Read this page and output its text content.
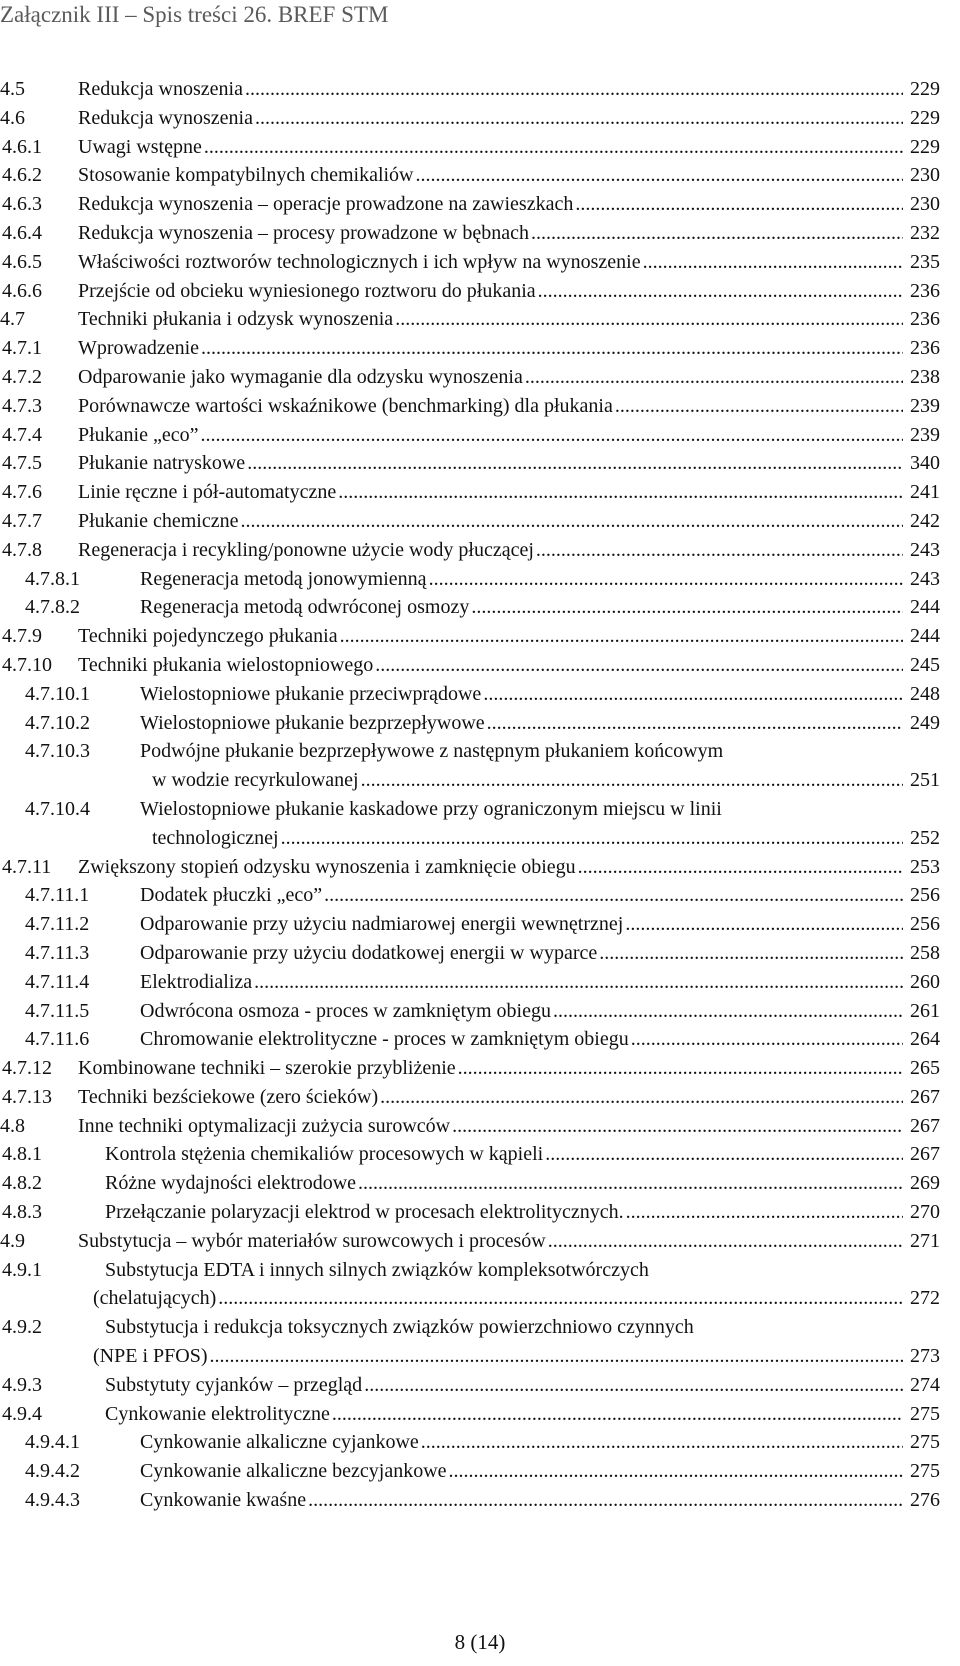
Załącznik III – Spis treści 26. BREF STM
4.5	Redukcja wnoszenia .....	229
4.6	Redukcja wynoszenia .....	229
4.6.1 Uwagi wstępne .....	229
4.6.2 Stosowanie kompatybilnych chemikaliów .....	230
4.6.3 Redukcja wynoszenia – operacje prowadzone na zawieszkach .....	230
4.6.4 Redukcja wynoszenia – procesy prowadzone w bębnach .....	232
4.6.5 Właściwości roztworów technologicznych i ich wpływ na wynoszenie .....	235
4.6.6 Przejście od obcieku wyniesionego roztworu do płukania .....	236
4.7	Techniki płukania i odzysk wynoszenia .....	236
4.7.1 Wprowadzenie .....	236
4.7.2 Odparowanie jako wymaganie dla odzysku wynoszenia .....	238
4.7.3 Porównawcze wartości wskaźnikowe (benchmarking) dla płukania .....	239
4.7.4 Płukanie „eco” .....	239
4.7.5 Płukanie natryskowe .....	340
4.7.6 Linie ręczne i pół-automatyczne .....	241
4.7.7 Płukanie chemiczne .....	242
4.7.8 Regeneracja i recykling/ponowne użycie wody płuczącej .....	243
4.7.8.1	Regeneracja metodą jonowymienną .....	243
4.7.8.2	Regeneracja metodą odwróconej osmozy .....	244
4.7.9 Techniki pojedynczego płukania .....	244
4.7.10 Techniki płukania wielostopniowego .....	245
4.7.10.1	Wielostopniowe płukanie przeciwprądowe .....	248
4.7.10.2	Wielostopniowe płukanie bezprzepływowe .....	249
4.7.10.3	Podwójne płukanie bezprzepływowe z następnym płukaniem końcowym
w wodzie recyrkulowanej .....	251
4.7.10.4	Wielostopniowe płukanie kaskadowe przy ograniczonym miejscu w linii
technologicznej .....	252
4.7.11 Zwiększony stopień odzysku wynoszenia i zamknięcie obiegu .....	253
4.7.11.1	Dodatek płuczki „eco” .....	256
4.7.11.2	Odparowanie przy użyciu nadmiarowej energii wewnętrznej .....	256
4.7.11.3	Odparowanie przy użyciu dodatkowej energii w wyparce .....	258
4.7.11.4	Elektrodializa .....	260
4.7.11.5	Odwrócona osmoza - proces w zamkniętym obiegu .....	261
4.7.11.6	Chromowanie elektrolityczne - proces w zamkniętym obiegu .....	264
4.7.12 Kombinowane techniki – szerokie przybliżenie .....	265
4.7.13 Techniki bezściekowe (zero ścieków) .....	267
4.8	Inne techniki optymalizacji zużycia surowców .....	267
4.8.1	Kontrola stężenia chemikaliów procesowych w kąpieli .....	267
4.8.2	Różne wydajności elektrodowe .....	269
4.8.3	Przełączanie polaryzacji elektrod w procesach elektrolitycznych. .....	270
4.9	Substytucja – wybór materiałów surowcowych i procesów .....	271
4.9.1	Substytucja EDTA i innych silnych związków kompleksotwórczych
(chelatujących) .....	272
4.9.2	Substytucja i redukcja toksycznych związków powierzchniowo czynnych
(NPE i PFOS) .....	273
4.9.3	Substytuty cyjanków – przegląd .....	274
4.9.4	Cynkowanie elektrolityczne .....	275
4.9.4.1	Cynkowanie alkaliczne cyjankowe .....	275
4.9.4.2	Cynkowanie alkaliczne bezcyjankowe .....	275
4.9.4.3	Cynkowanie kwaśne .....	276
8 (14)
